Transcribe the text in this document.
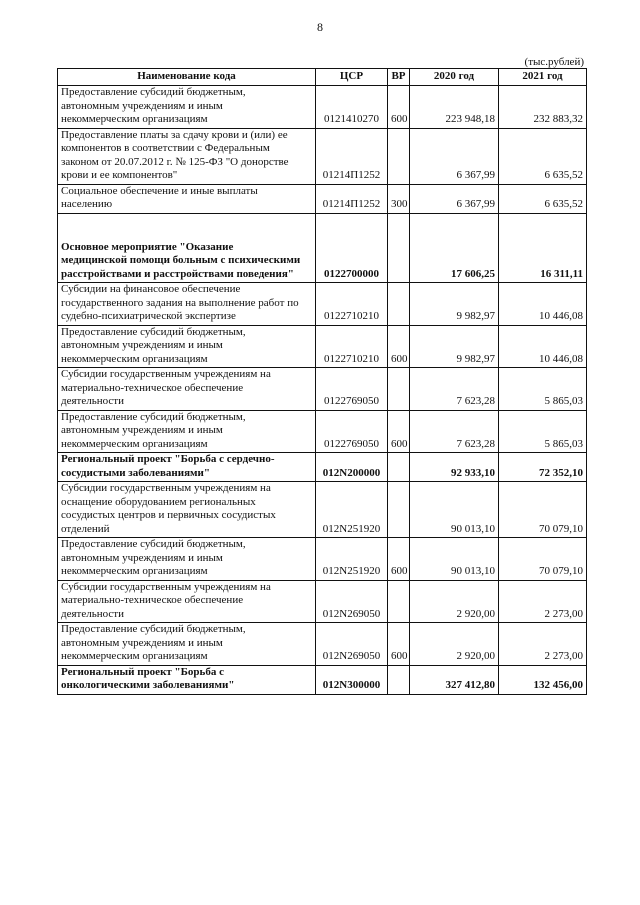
8
(тыс.рублей)
Наименование кода	ЦСР	ВР	2020 год	2021 год
Предоставление субсидий бюджетным,
автономным учреждениям и иным
некоммерческим организациям	0121410270	600	223 948,18	232 883,32
Предоставление платы за сдачу крови и (или) ее
компонентов в соответствии с Федеральным
законом от 20.07.2012 г. № 125-ФЗ "О донорстве
крови и ее компонентов"	01214П1252		6 367,99	6 635,52
Социальное обеспечение и иные выплаты
населению	01214П1252	300	6 367,99	6 635,52
Основное мероприятие "Оказание
медицинской помощи больным с психическими
расстройствами и расстройствами поведения"	0122700000		17 606,25	16 311,11
Субсидии на финансовое обеспечение
государственного задания на выполнение работ по
судебно-психиатрической экспертизе	0122710210		9 982,97	10 446,08
Предоставление субсидий бюджетным,
автономным учреждениям и иным
некоммерческим организациям	0122710210	600	9 982,97	10 446,08
Субсидии государственным учреждениям на
материально-техническое обеспечение
деятельности	0122769050		7 623,28	5 865,03
Предоставление субсидий бюджетным,
автономным учреждениям и иным
некоммерческим организациям	0122769050	600	7 623,28	5 865,03
Региональный проект "Борьба с сердечно-
сосудистыми заболеваниями"	012N200000		92 933,10	72 352,10
Субсидии государственным учреждениям на
оснащение оборудованием региональных
сосудистых центров и первичных сосудистых
отделений	012N251920		90 013,10	70 079,10
Предоставление субсидий бюджетным,
автономным учреждениям и иным
некоммерческим организациям	012N251920	600	90 013,10	70 079,10
Субсидии государственным учреждениям на
материально-техническое обеспечение
деятельности	012N269050		2 920,00	2 273,00
Предоставление субсидий бюджетным,
автономным учреждениям и иным
некоммерческим организациям	012N269050	600	2 920,00	2 273,00
Региональный проект "Борьба с
онкологическими заболеваниями"	012N300000		327 412,80	132 456,00
